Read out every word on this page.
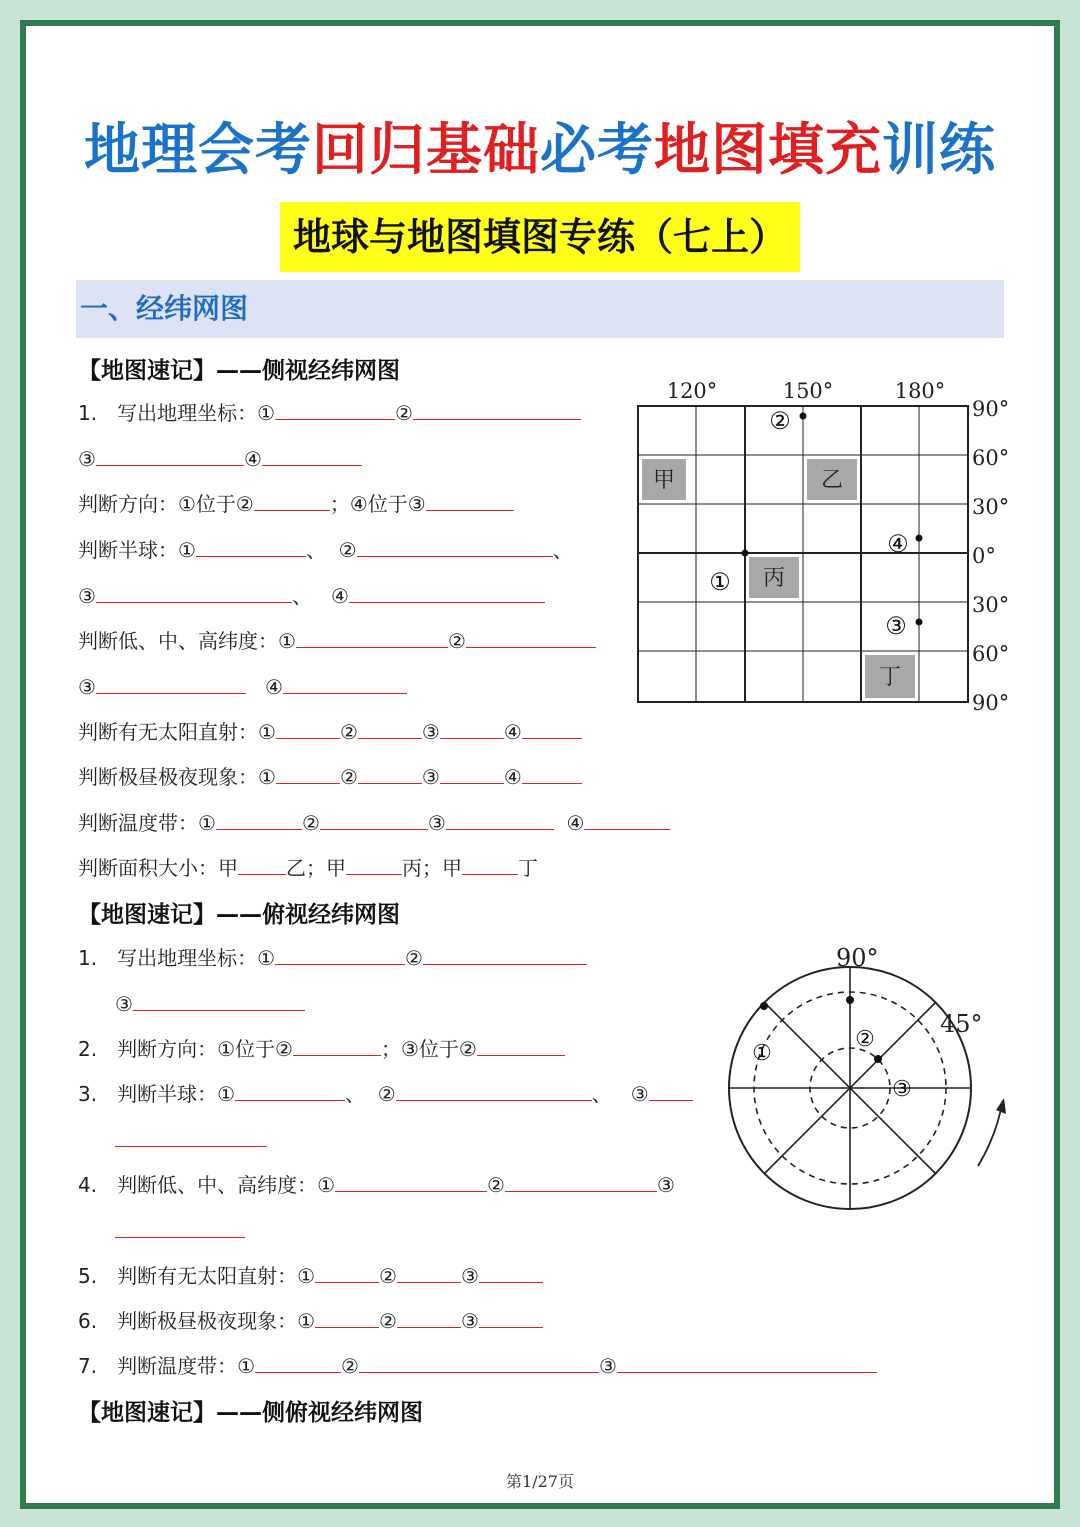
地理会考回归基础必考地图填充训练
地球与地图填图专练（七上）
一、经纬网图
【地图速记】——侧视经纬网图
1.　写出地理坐标：①	②
③	④
判断方向：①位于②	；④位于③
判断半球：①	、 ②	、
③	、 ④
判断低、中、高纬度：①	②
③	④
判断有无太阳直射：①	②	③	④
判断极昼极夜现象：①	②	③	④
判断温度带：①	②	③	④
判断面积大小：甲 乙；甲	丙；甲	丁
甲	乙
丙
丁
120°	150°	180°
90°
60°
30°
0°
30°
60°
90°
②
④
①
③
【地图速记】——俯视经纬网图
1.　写出地理坐标：①	②
③
2.　判断方向：①位于②	；③位于②
3.　判断半球：①	、 ②	、 ③
4.　判断低、中、高纬度：①	②	③
5.　判断有无太阳直射：①	②	③
6.　判断极昼极夜现象：①	②	③
7.　判断温度带：①	②	③
90°
45°
①
②
③
【地图速记】——侧俯视经纬网图
第1/27页
